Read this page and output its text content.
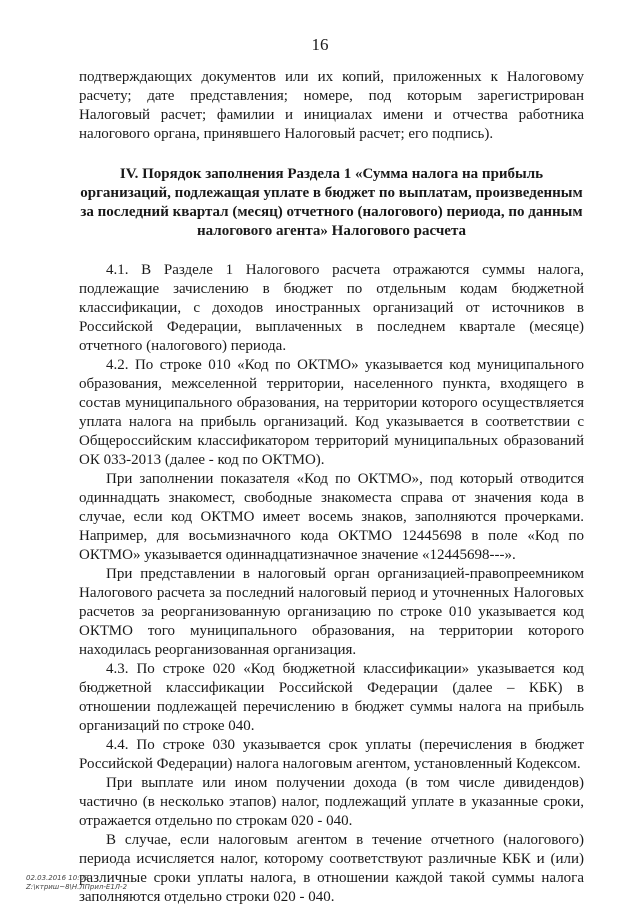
16

подтверждающих документов или их копий, приложенных к Налоговому расчету; дате представления; номере, под которым зарегистрирован Налоговый расчет; фамилии и инициалах имени и отчества работника налогового органа, принявшего Налоговый расчет; его подпись).

IV. Порядок заполнения Раздела 1 «Сумма налога на прибыль организаций, подлежащая уплате в бюджет по выплатам, произведенным за последний квартал (месяц) отчетного (налогового) периода, по данным налогового агента» Налогового расчета

4.1. В Разделе 1 Налогового расчета отражаются суммы налога, подлежащие зачислению в бюджет по отдельным кодам бюджетной классификации, с доходов иностранных организаций от источников в Российской Федерации, выплаченных в последнем квартале (месяце) отчетного (налогового) периода.

4.2. По строке 010 «Код по ОКТМО» указывается код муниципального образования, межселенной территории, населенного пункта, входящего в состав муниципального образования, на территории которого осуществляется уплата налога на прибыль организаций. Код указывается в соответствии с Общероссийским классификатором территорий муниципальных образований ОК 033-2013 (далее - код по ОКТМО).

При заполнении показателя «Код по ОКТМО», под который отводится одиннадцать знакомест, свободные знакоместа справа от значения кода в случае, если код ОКТМО имеет восемь знаков, заполняются прочерками. Например, для восьмизначного кода ОКТМО 12445698 в поле «Код по ОКТМО» указывается одиннадцатизначное значение «12445698---».

При представлении в налоговый орган организацией-правопреемником Налогового расчета за последний налоговый период и уточненных Налоговых расчетов за реорганизованную организацию по строке 010 указывается код ОКТМО того муниципального образования, на территории которого находилась реорганизованная организация.

4.3. По строке 020 «Код бюджетной классификации» указывается код бюджетной классификации Российской Федерации (далее – КБК) в отношении подлежащей перечислению в бюджет суммы налога на прибыль организаций по строке 040.

4.4. По строке 030 указывается срок уплаты (перечисления в бюджет Российской Федерации) налога налоговым агентом, установленный Кодексом.

При выплате или ином получении дохода (в том числе дивидендов) частично (в несколько этапов) налог, подлежащий уплате в указанные сроки, отражается отдельно по строкам 020 - 040.

В случае, если налоговым агентом в течение отчетного (налогового) периода исчисляется налог, которому соответствуют различные КБК и (или) различные сроки уплаты налога, в отношении каждой такой суммы налога заполняются отдельно строки 020 - 040.

02.03.2016 10:09
Z:\ктриш~8\Н.ЛПрил-Е1Л-2
